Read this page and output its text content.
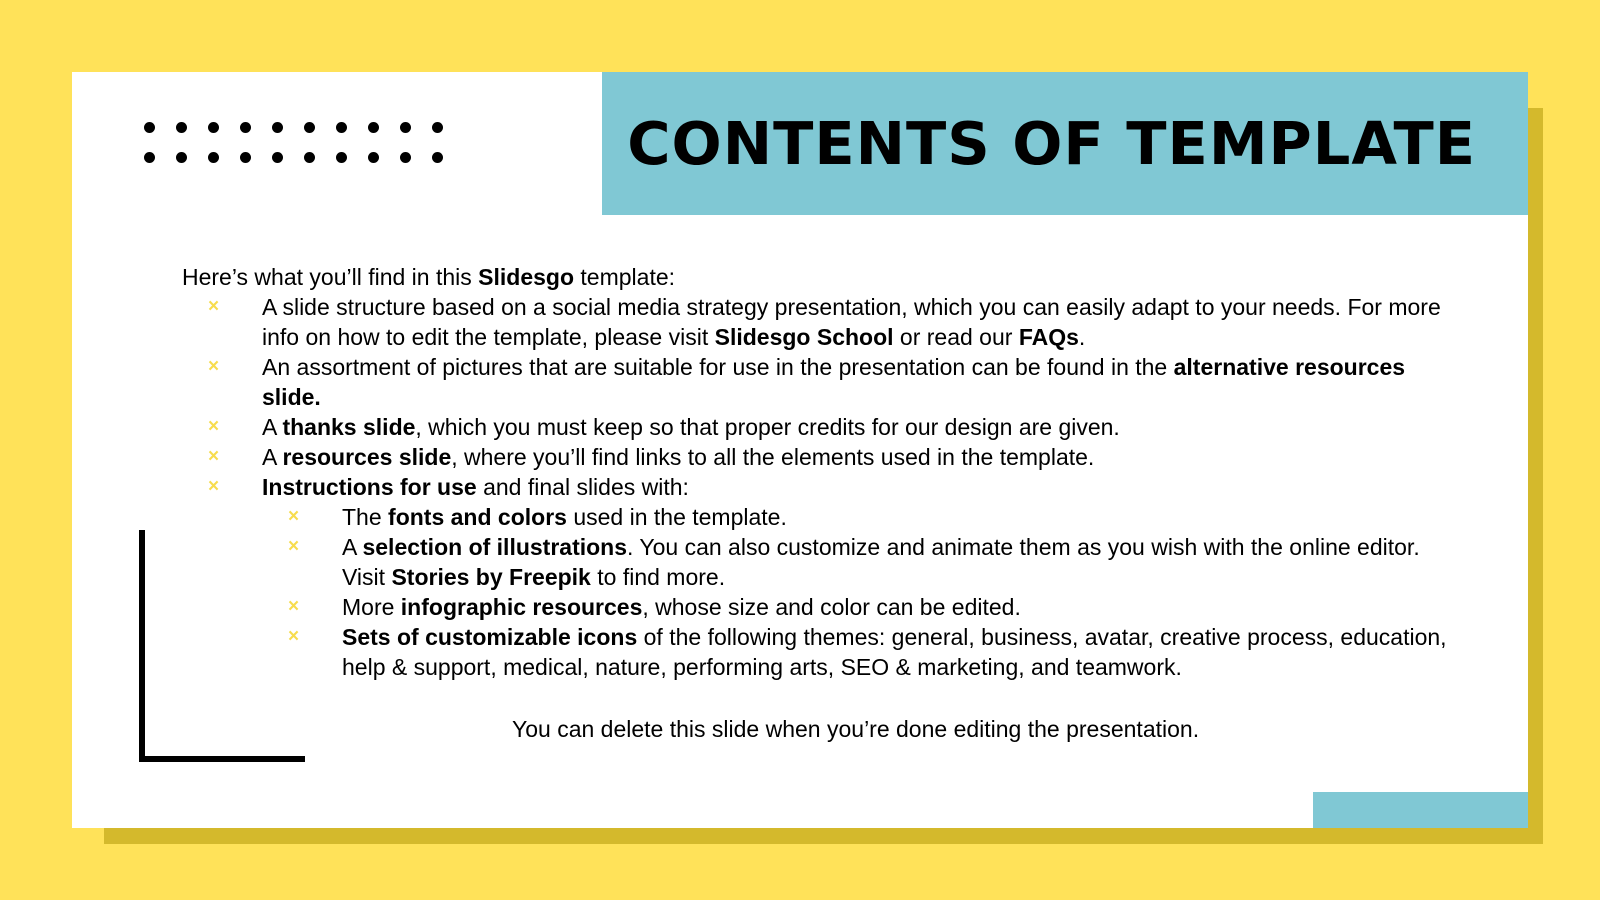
CONTENTS OF TEMPLATE

Here’s what you’ll find in this Slidesgo template:

× A slide structure based on a social media strategy presentation, which you can easily adapt to your needs. For more info on how to edit the template, please visit Slidesgo School or read our FAQs.
× An assortment of pictures that are suitable for use in the presentation can be found in the alternative resources slide.
× A thanks slide, which you must keep so that proper credits for our design are given.
× A resources slide, where you’ll find links to all the elements used in the template.
× Instructions for use and final slides with:
× The fonts and colors used in the template.
× A selection of illustrations. You can also customize and animate them as you wish with the online editor. Visit Stories by Freepik to find more.
× More infographic resources, whose size and color can be edited.
× Sets of customizable icons of the following themes: general, business, avatar, creative process, education, help & support, medical, nature, performing arts, SEO & marketing, and teamwork.

You can delete this slide when you’re done editing the presentation.
